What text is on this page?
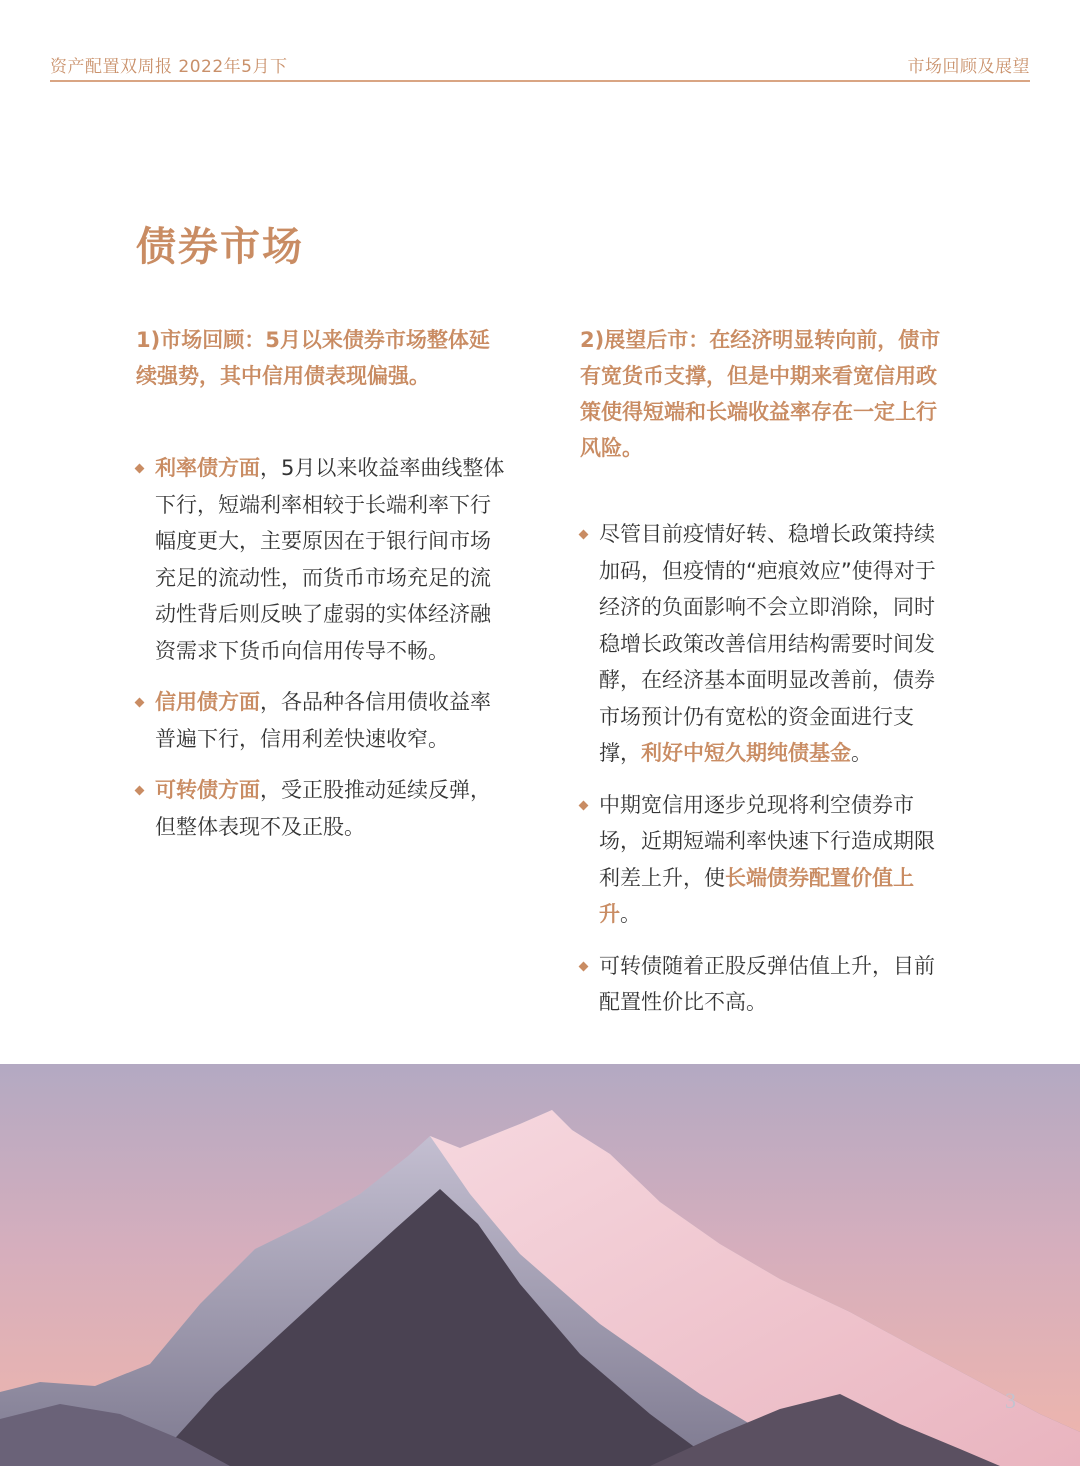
资产配置双周报 2022年5月下	市场回顾及展望
债券市场

1)市场回顾：5月以来债券市场整体延续强势，其中信用债表现偏强。

利率债方面，5月以来收益率曲线整体下行，短端利率相较于长端利率下行幅度更大，主要原因在于银行间市场充足的流动性，而货币市场充足的流动性背后则反映了虚弱的实体经济融资需求下货币向信用传导不畅。
信用债方面，各品种各信用债收益率普遍下行，信用利差快速收窄。
可转债方面，受正股推动延续反弹，但整体表现不及正股。

2)展望后市：在经济明显转向前，债市有宽货币支撑，但是中期来看宽信用政策使得短端和长端收益率存在一定上行风险。

尽管目前疫情好转、稳增长政策持续加码，但疫情的“疤痕效应”使得对于经济的负面影响不会立即消除，同时稳增长政策改善信用结构需要时间发酵，在经济基本面明显改善前，债券市场预计仍有宽松的资金面进行支撑，利好中短久期纯债基金。
中期宽信用逐步兑现将利空债券市场，近期短端利率快速下行造成期限利差上升，使长端债券配置价值上升。
可转债随着正股反弹估值上升，目前配置性价比不高。
3
